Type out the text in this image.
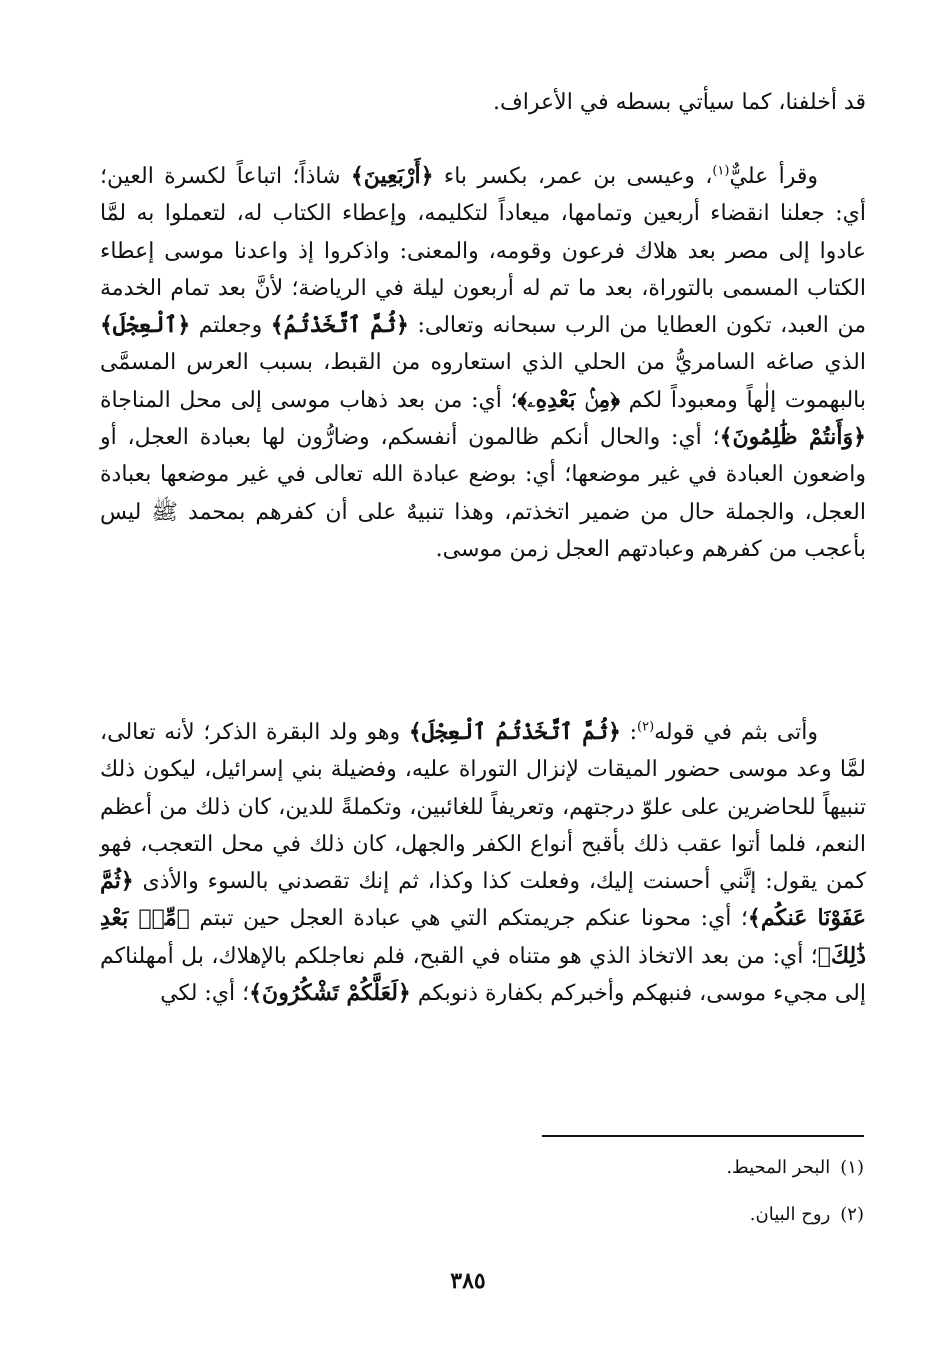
قد أخلفنا، كما سيأتي بسطه في الأعراف.
وقرأ عليٌّ$^{(١)}$، وعيسى بن عمر، بكسر باء ﴿أَرْبَعِينَ﴾ شاذاً؛ اتباعاً لكسرة العين؛ أي: جعلنا انقضاء أربعين وتمامها، ميعاداً لتكليمه، وإعطاء الكتاب له، لتعملوا به لمَّا عادوا إلى مصر بعد هلاك فرعون وقومه، والمعنى: واذكروا إذ واعدنا موسى إعطاء الكتاب المسمى بالتوراة، بعد ما تم له أربعون ليلة في الرياضة؛ لأنَّ بعد تمام الخدمة من العبد، تكون العطايا من الرب سبحانه وتعالى: ﴿ثُمَّ ٱتَّخَذْتُمُ﴾ وجعلتم ﴿ٱلْعِجْلَ﴾ الذي صاغه السامريُّ من الحلي الذي استعاروه من القبط، بسبب العرس المسمَّى بالبهموت إلٰهاً ومعبوداً لكم ﴿مِنۢ بَعْدِهِۦ﴾؛ أي: من بعد ذهاب موسى إلى محل المناجاة ﴿وَأَنتُمْ ظَٰلِمُونَ﴾؛ أي: والحال أنكم ظالمون أنفسكم، وضارُّون لها بعبادة العجل، أو واضعون العبادة في غير موضعها؛ أي: بوضع عبادة الله تعالى في غير موضعها بعبادة العجل، والجملة حال من ضمير اتخذتم، وهذا تنبيهٌ على أن كفرهم بمحمد ﷺ ليس بأعجب من كفرهم وعبادتهم العجل زمن موسى.
وأتى بثم في قوله$^{(٢)}$: ﴿ثُمَّ ٱتَّخَذْتُمُ ٱلْعِجْلَ﴾ وهو ولد البقرة الذكر؛ لأنه تعالى، لمَّا وعد موسى حضور الميقات لإنزال التوراة عليه، وفضيلة بني إسرائيل، ليكون ذلك تنبيهاً للحاضرين على علوّ درجتهم، وتعريفاً للغائبين، وتكملةً للدين، كان ذلك من أعظم النعم، فلما أتوا عقب ذلك بأقبح أنواع الكفر والجهل، كان ذلك في محل التعجب، فهو كمن يقول: إنَّني أحسنت إليك، وفعلت كذا وكذا، ثم إنك تقصدني بالسوء والأذى ﴿ثُمَّ عَفَوْنَا عَنكُم﴾؛ أي: محونا عنكم جريمتكم التي هي عبادة العجل حين تبتم ﴿مِّنۢ بَعْدِ ذَٰلِكَ﴾؛ أي: من بعد الاتخاذ الذي هو متناه في القبح، فلم نعاجلكم بالإهلاك، بل أمهلناكم إلى مجيء موسى، فنبهكم وأخبركم بكفارة ذنوبكم ﴿لَعَلَّكُمْ تَشْكُرُونَ﴾؛ أي: لكي
(١)البحر المحيط.
(٢)روح البيان.
٣٨٥
